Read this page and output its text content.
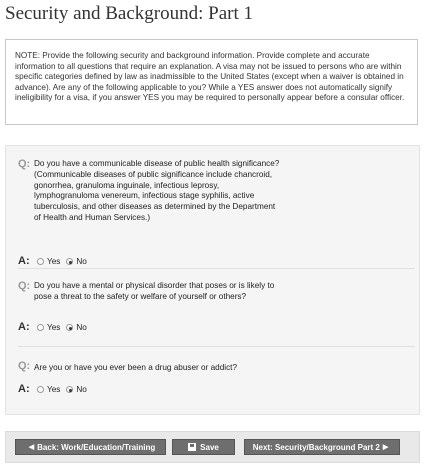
Security and Background: Part 1
NOTE: Provide the following security and background information. Provide complete and accurate information to all questions that require an explanation. A visa may not be issued to persons who are within specific categories defined by law as inadmissible to the United States (except when a waiver is obtained in advance). Are any of the following applicable to you? While a YES answer does not automatically signify ineligibility for a visa, if you answer YES you may be required to personally appear before a consular officer.
Q: Do you have a communicable disease of public health significance? (Communicable diseases of public significance include chancroid, gonorrhea, granuloma inguinale, infectious leprosy, lymphogranuloma venereum, infectious stage syphilis, active tuberculosis, and other diseases as determined by the Department of Health and Human Services.)
A: Yes No
Q: Do you have a mental or physical disorder that poses or is likely to pose a threat to the safety or welfare of yourself or others?
A: Yes No
Q: Are you or have you ever been a drug abuser or addict?
A: Yes No
◀ Back: Work/Education/Training	Save	Next: Security/Background Part 2 ▶
